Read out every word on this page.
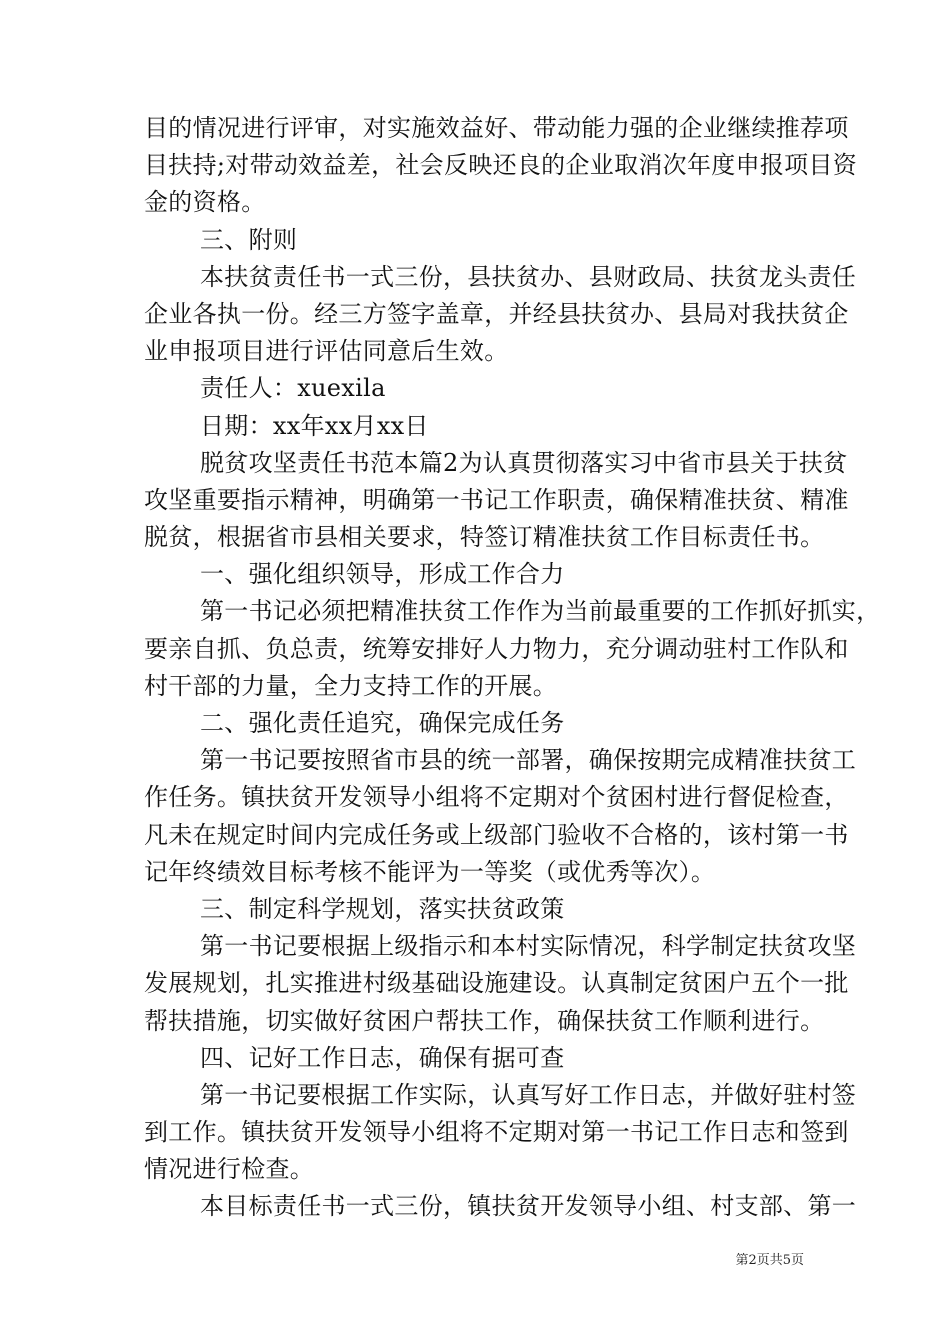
目的情况进行评审，对实施效益好、带动能力强的企业继续推荐项
目扶持;对带动效益差，社会反映还良的企业取消次年度申报项目资
金的资格。
三、附则
本扶贫责任书一式三份，县扶贫办、县财政局、扶贫龙头责任
企业各执一份。经三方签字盖章，并经县扶贫办、县局对我扶贫企
业申报项目进行评估同意后生效。
责任人：xuexila
日期：xx年xx月xx日
脱贫攻坚责任书范本篇2为认真贯彻落实习中省市县关于扶贫
攻坚重要指示精神，明确第一书记工作职责，确保精准扶贫、精准
脱贫，根据省市县相关要求，特签订精准扶贫工作目标责任书。
一、强化组织领导，形成工作合力
第一书记必须把精准扶贫工作作为当前最重要的工作抓好抓实，
要亲自抓、负总责，统筹安排好人力物力，充分调动驻村工作队和
村干部的力量，全力支持工作的开展。
二、强化责任追究，确保完成任务
第一书记要按照省市县的统一部署，确保按期完成精准扶贫工
作任务。镇扶贫开发领导小组将不定期对个贫困村进行督促检查，
凡未在规定时间内完成任务或上级部门验收不合格的，该村第一书
记年终绩效目标考核不能评为一等奖（或优秀等次）。
三、制定科学规划，落实扶贫政策
第一书记要根据上级指示和本村实际情况，科学制定扶贫攻坚
发展规划，扎实推进村级基础设施建设。认真制定贫困户五个一批
帮扶措施，切实做好贫困户帮扶工作，确保扶贫工作顺利进行。
四、记好工作日志，确保有据可查
第一书记要根据工作实际，认真写好工作日志，并做好驻村签
到工作。镇扶贫开发领导小组将不定期对第一书记工作日志和签到
情况进行检查。
本目标责任书一式三份，镇扶贫开发领导小组、村支部、第一
第2页共5页
